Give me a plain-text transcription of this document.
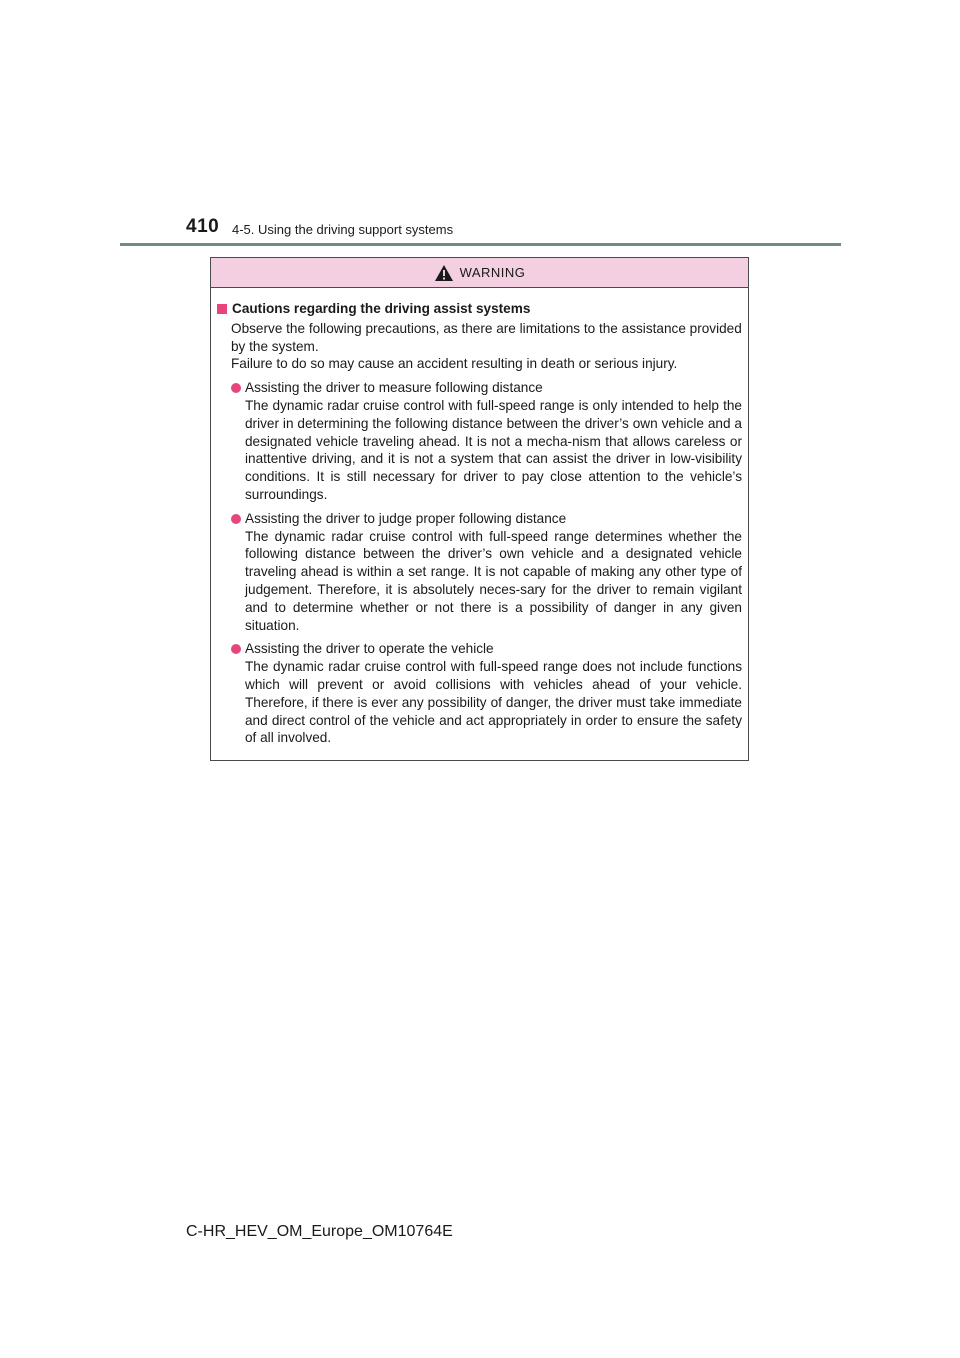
410 4-5. Using the driving support systems
WARNING
Cautions regarding the driving assist systems
Observe the following precautions, as there are limitations to the assistance provided by the system.
Failure to do so may cause an accident resulting in death or serious injury.
Assisting the driver to measure following distance
The dynamic radar cruise control with full-speed range is only intended to help the driver in determining the following distance between the driver’s own vehicle and a designated vehicle traveling ahead. It is not a mecha-nism that allows careless or inattentive driving, and it is not a system that can assist the driver in low-visibility conditions. It is still necessary for driver to pay close attention to the vehicle’s surroundings.
Assisting the driver to judge proper following distance
The dynamic radar cruise control with full-speed range determines whether the following distance between the driver’s own vehicle and a designated vehicle traveling ahead is within a set range. It is not capable of making any other type of judgement. Therefore, it is absolutely neces-sary for the driver to remain vigilant and to determine whether or not there is a possibility of danger in any given situation.
Assisting the driver to operate the vehicle
The dynamic radar cruise control with full-speed range does not include functions which will prevent or avoid collisions with vehicles ahead of your vehicle. Therefore, if there is ever any possibility of danger, the driver must take immediate and direct control of the vehicle and act appropriately in order to ensure the safety of all involved.
C-HR_HEV_OM_Europe_OM10764E
